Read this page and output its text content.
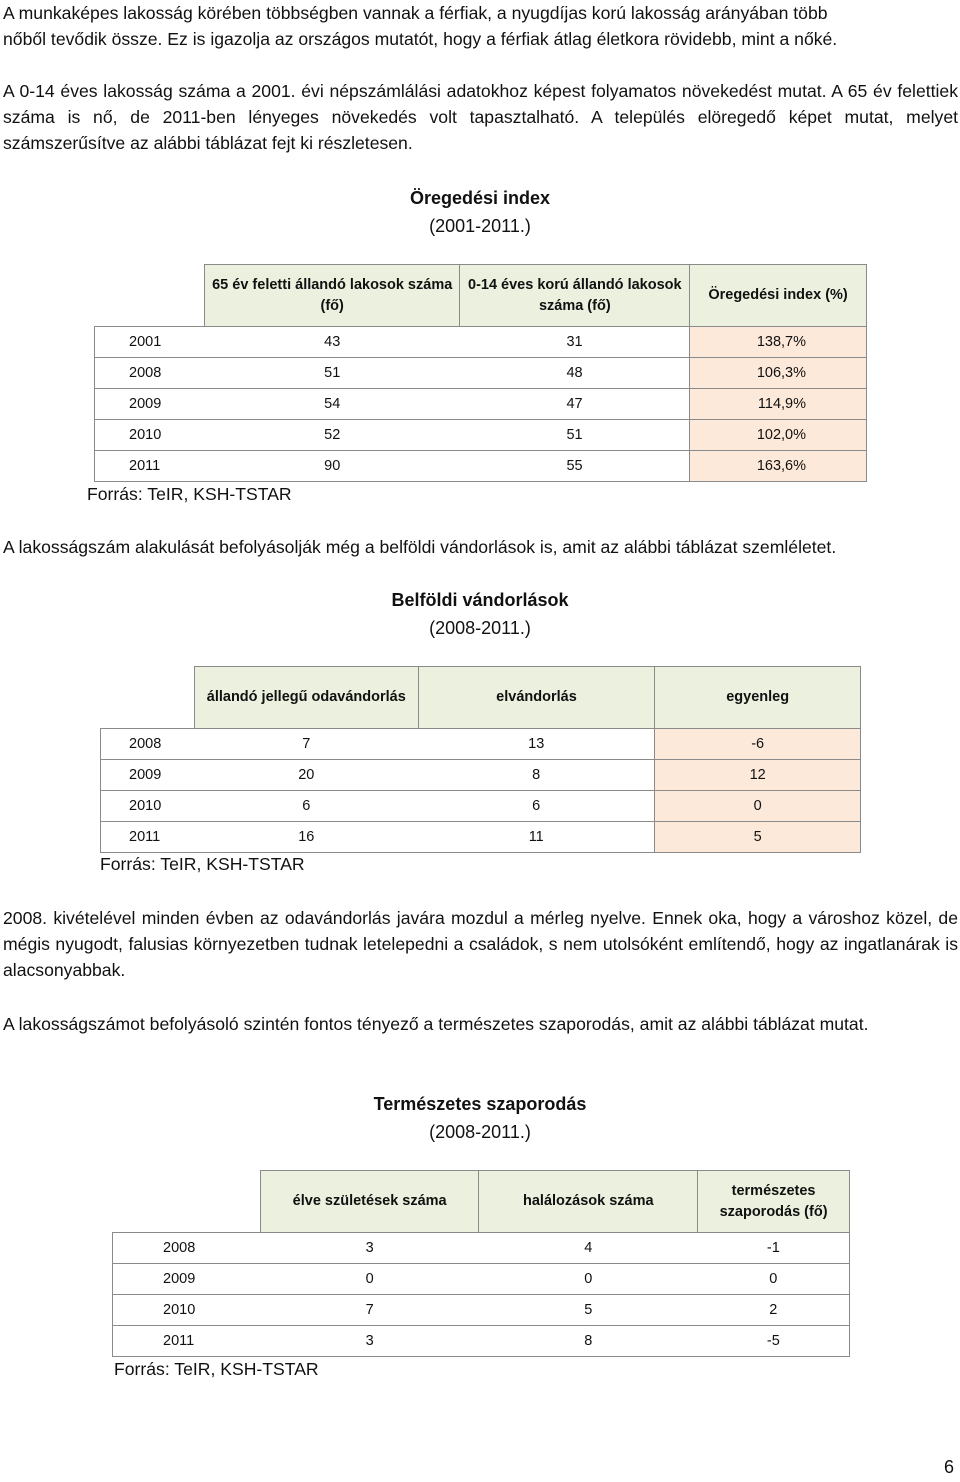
A munkaképes lakosság körében többségben vannak a férfiak, a nyugdíjas korú lakosság arányában több

nőből tevődik össze. Ez is igazolja az országos mutatót, hogy a férfiak átlag életkora rövidebb, mint a nőké.

A 0-14 éves lakosság száma a 2001. évi népszámlálási adatokhoz képest folyamatos növekedést mutat. A 65 év felettiek száma is nő, de 2011-ben lényeges növekedés volt tapasztalható. A település elöregedő képet mutat, melyet számszerűsítve az alábbi táblázat fejt ki részletesen.

Öregedési index
(2001-2011.)
	65 év feletti állandó lakosok száma (fő)	0-14 éves korú állandó lakosok száma (fő)	Öregedési index (%)
2001	43	31	138,7%
2008	51	48	106,3%
2009	54	47	114,9%
2010	52	51	102,0%
2011	90	55	163,6%
Forrás: TeIR, KSH-TSTAR

A lakosságszám alakulását befolyásolják még a belföldi vándorlások is, amit az alábbi táblázat szemléletet.

Belföldi vándorlások
(2008-2011.)
	állandó jellegű odavándorlás	elvándorlás	egyenleg
2008	7	13	-6
2009	20	8	12
2010	6	6	0
2011	16	11	5
Forrás: TeIR, KSH-TSTAR

2008. kivételével minden évben az odavándorlás javára mozdul a mérleg nyelve. Ennek oka, hogy a városhoz közel, de mégis nyugodt, falusias környezetben tudnak letelepedni a családok, s nem utolsóként említendő, hogy az ingatlanárak is alacsonyabbak.

A lakosságszámot befolyásoló szintén fontos tényező a természetes szaporodás, amit az alábbi táblázat mutat.

Természetes szaporodás
(2008-2011.)
	élve születések száma	halálozások száma	természetes szaporodás (fő)
2008	3	4	-1
2009	0	0	0
2010	7	5	2
2011	3	8	-5
Forrás: TeIR, KSH-TSTAR
6
